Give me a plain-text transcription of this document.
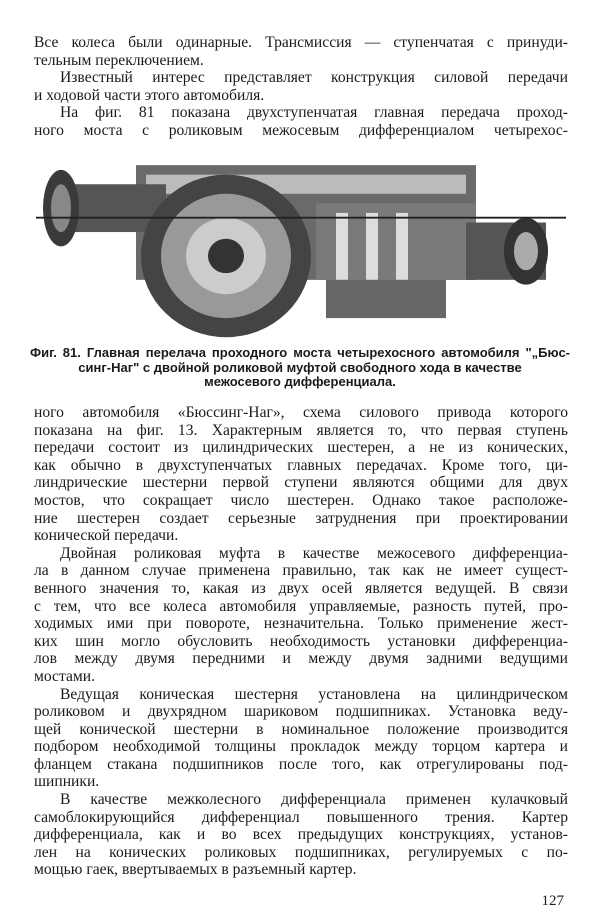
Все колеса были одинарные. Трансмиссия — ступенчатая с принуди-
тельным переключением.
Известный интерес представляет конструкция силовой передачи
и ходовой части этого автомобиля.
На фиг. 81 показана двухступенчатая главная передача проход-
ного моста с роликовым межосевым дифференциалом четырехос-
Фиг. 81. Главная перелача проходного моста четырехосного автомобиля "„Бюс-
синг-Наг" с двойной роликовой муфтой свободного хода в качестве
межосевого дифференциала.
ного автомобиля «Бюссинг-Наг», схема силового привода которого
показана на фиг. 13. Характерным является то, что первая ступень
передачи состоит из цилиндрических шестерен, а не из конических,
как обычно в двухступенчатых главных передачах. Кроме того, ци-
линдрические шестерни первой ступени являются общими для двух
мостов, что сокращает число шестерен. Однако такое расположе-
ние шестерен создает серьезные затруднения при проектировании
конической передачи.
Двойная роликовая муфта в качестве межосевого дифференциа-
ла в данном случае применена правильно, так как не имеет сущест-
венного значения то, какая из двух осей является ведущей. В связи
с тем, что все колеса автомобиля управляемые, разность путей, про-
ходимых ими при повороте, незначительна. Только применение жест-
ких шин могло обусловить необходимость установки дифференциа-
лов между двумя передними и между двумя задними ведущими
мостами.
Ведущая коническая шестерня установлена на цилиндрическом
роликовом и двухрядном шариковом подшипниках. Установка веду-
щей конической шестерни в номинальное положение производится
подбором необходимой толщины прокладок между торцом картера и
фланцем стакана подшипников после того, как отрегулированы под-
шипники.
В качестве межколесного дифференциала применен кулачковый
самоблокирующийся дифференциал повышенного трения. Картер
дифференциала, как и во всех предыдущих конструкциях, установ-
лен на конических роликовых подшипниках, регулируемых с по-
мощью гаек, ввертываемых в разъемный картер.
127
